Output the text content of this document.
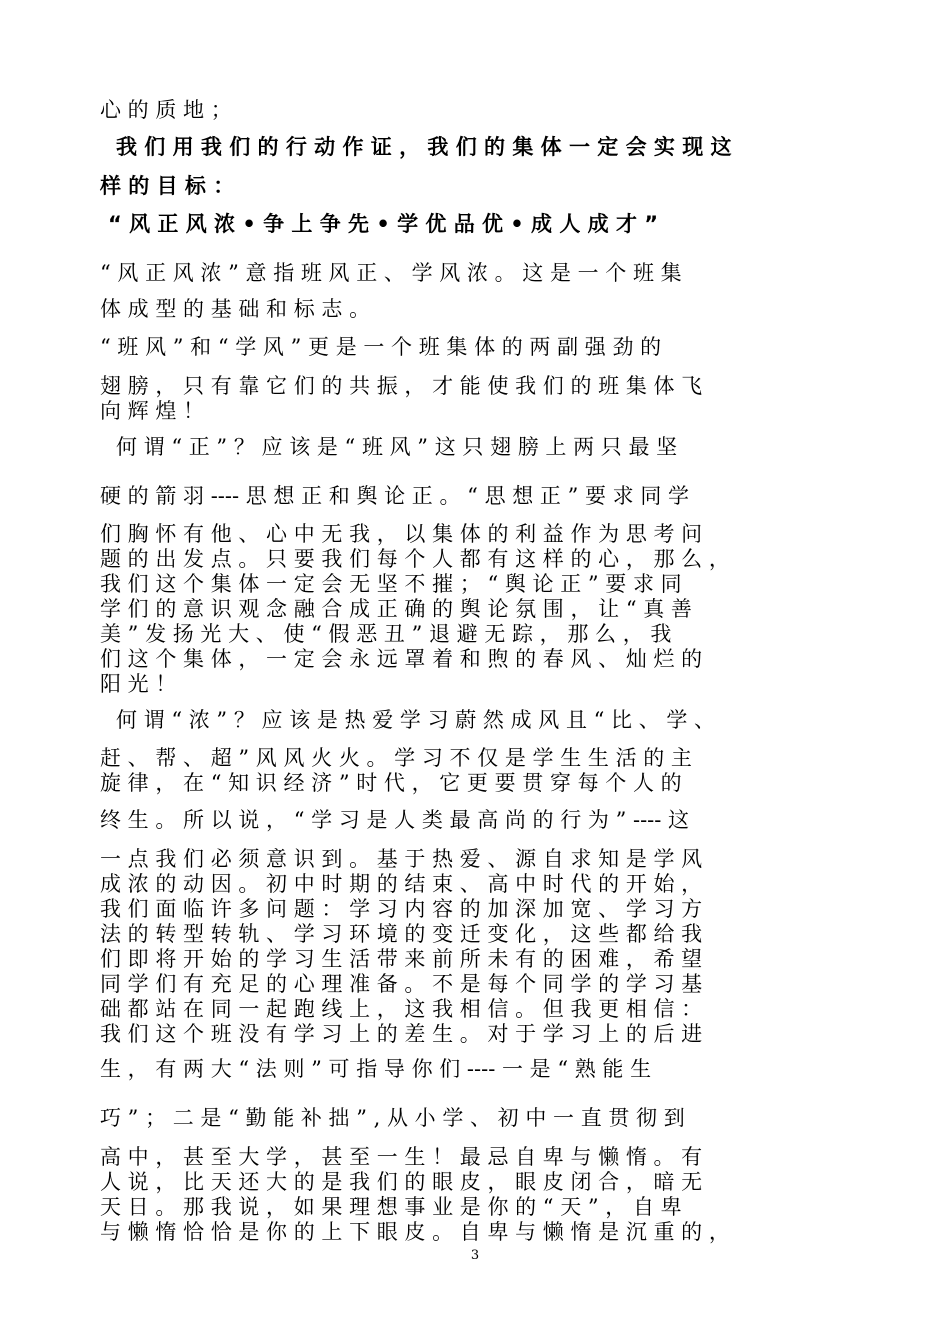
心 的 质 地 ；
我 们 用 我 们 的 行 动 作 证 ， 我 们 的 集 体 一 定 会 实 现 这
样 的 目 标 ：
“ 风 正 风 浓 • 争 上 争 先 • 学 优 品 优 • 成 人 成 才 ”
“ 风 正 风 浓 ” 意 指 班 风 正 、 学 风 浓 。 这 是 一 个 班 集
体 成 型 的 基 础 和 标 志 。
“ 班 风 ” 和 “ 学 风 ” 更 是 一 个 班 集 体 的 两 副 强 劲 的
翅 膀 ， 只 有 靠 它 们 的 共 振 ， 才 能 使 我 们 的 班 集 体 飞
向 辉 煌 ！
何 谓 “ 正 ” ？ 应 该 是 “ 班 风 ” 这 只 翅 膀 上 两 只 最 坚
硬 的 箭 羽 ---- 思 想 正 和 舆 论 正 。 “ 思 想 正 ” 要 求 同 学
们 胸 怀 有 他 、 心 中 无 我 ， 以 集 体 的 利 益 作 为 思 考 问
题 的 出 发 点 。 只 要 我 们 每 个 人 都 有 这 样 的 心 ， 那 么 ，
我 们 这 个 集 体 一 定 会 无 坚 不 摧 ； “ 舆 论 正 ” 要 求 同
学 们 的 意 识 观 念 融 合 成 正 确 的 舆 论 氛 围 ， 让 “ 真 善
美 ” 发 扬 光 大 、 使 “ 假 恶 丑 ” 退 避 无 踪 ， 那 么 ， 我
们 这 个 集 体 ， 一 定 会 永 远 罩 着 和 煦 的 春 风 、 灿 烂 的
阳 光 ！
何 谓 “ 浓 ” ？ 应 该 是 热 爱 学 习 蔚 然 成 风 且 “ 比 、 学 、
赶 、 帮 、 超 ” 风 风 火 火 。 学 习 不 仅 是 学 生 生 活 的 主
旋 律 ， 在 “ 知 识 经 济 ” 时 代 ， 它 更 要 贯 穿 每 个 人 的
终 生 。 所 以 说 ， “ 学 习 是 人 类 最 高 尚 的 行 为 ” ---- 这
一 点 我 们 必 须 意 识 到 。 基 于 热 爱 、 源 自 求 知 是 学 风
成 浓 的 动 因 。 初 中 时 期 的 结 束 、 高 中 时 代 的 开 始 ，
我 们 面 临 许 多 问 题 ： 学 习 内 容 的 加 深 加 宽 、 学 习 方
法 的 转 型 转 轨 、 学 习 环 境 的 变 迁 变 化 ， 这 些 都 给 我
们 即 将 开 始 的 学 习 生 活 带 来 前 所 未 有 的 困 难 ， 希 望
同 学 们 有 充 足 的 心 理 准 备 。 不 是 每 个 同 学 的 学 习 基
础 都 站 在 同 一 起 跑 线 上 ， 这 我 相 信 。 但 我 更 相 信 ：
我 们 这 个 班 没 有 学 习 上 的 差 生 。 对 于 学 习 上 的 后 进
生 ， 有 两 大 “ 法 则 ” 可 指 导 你 们 ---- 一 是 “ 熟 能 生
巧 ” ； 二 是 “ 勤 能 补 拙 ” , 从 小 学 、 初 中 一 直 贯 彻 到
高 中 ， 甚 至 大 学 ， 甚 至 一 生 ！ 最 忌 自 卑 与 懒 惰 。 有
人 说 ， 比 天 还 大 的 是 我 们 的 眼 皮 ， 眼 皮 闭 合 ， 暗 无
天 日 。 那 我 说 ， 如 果 理 想 事 业 是 你 的 “ 天 ” ， 自 卑
与 懒 惰 恰 恰 是 你 的 上 下 眼 皮 。 自 卑 与 懒 惰 是 沉 重 的 ，
3
